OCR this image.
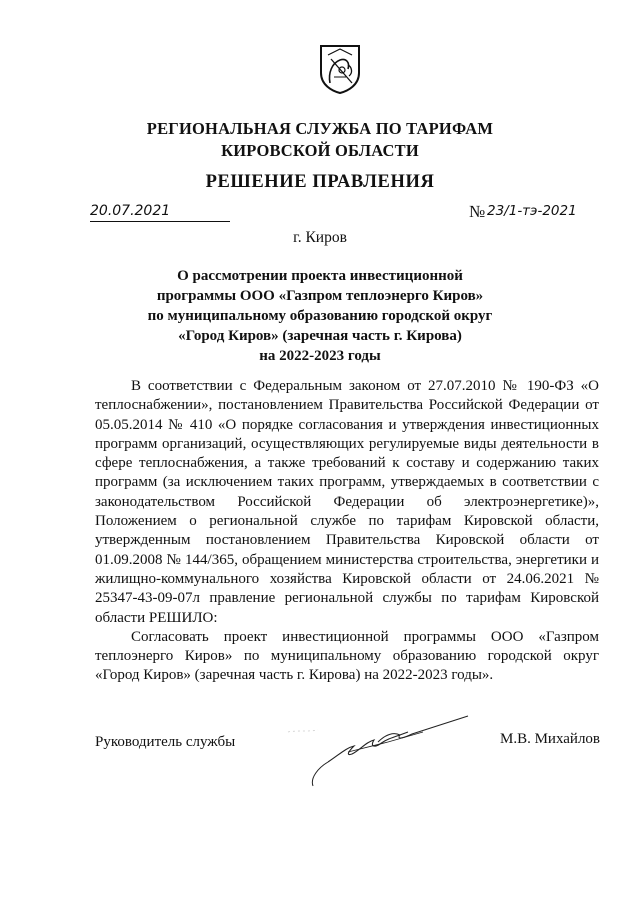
РЕГИОНАЛЬНАЯ СЛУЖБА ПО ТАРИФАМ
КИРОВСКОЙ ОБЛАСТИ
РЕШЕНИЕ ПРАВЛЕНИЯ
20.07.2021	№ 23/1-тэ-2021
г. Киров
О рассмотрении проекта инвестиционной
программы ООО «Газпром теплоэнерго Киров»
по муниципальному образованию городской округ
«Город Киров» (заречная часть г. Кирова)
на 2022-2023 годы

В соответствии с Федеральным законом от 27.07.2010 № 190-ФЗ «О теплоснабжении», постановлением Правительства Российской Федерации от 05.05.2014 № 410 «О порядке согласования и утверждения инвестиционных программ организаций, осуществляющих регулируемые виды деятельности в сфере теплоснабжения, а также требований к составу и содержанию таких программ (за исключением таких программ, утверждаемых в соответствии с законодательством Российской Федерации об электроэнергетике)», Положением о региональной службе по тарифам Кировской области, утвержденным постановлением Правительства Кировской области от 01.09.2008 № 144/365, обращением министерства строительства, энергетики и жилищно-коммунального хозяйства Кировской области от 24.06.2021 № 25347-43-09-07л правление региональной службы по тарифам Кировской области РЕШИЛО:

Согласовать проект инвестиционной программы ООО «Газпром теплоэнерго Киров» по муниципальному образованию городской округ «Город Киров» (заречная часть г. Кирова) на 2022-2023 годы».

Руководитель службы	М.В. Михайлов
